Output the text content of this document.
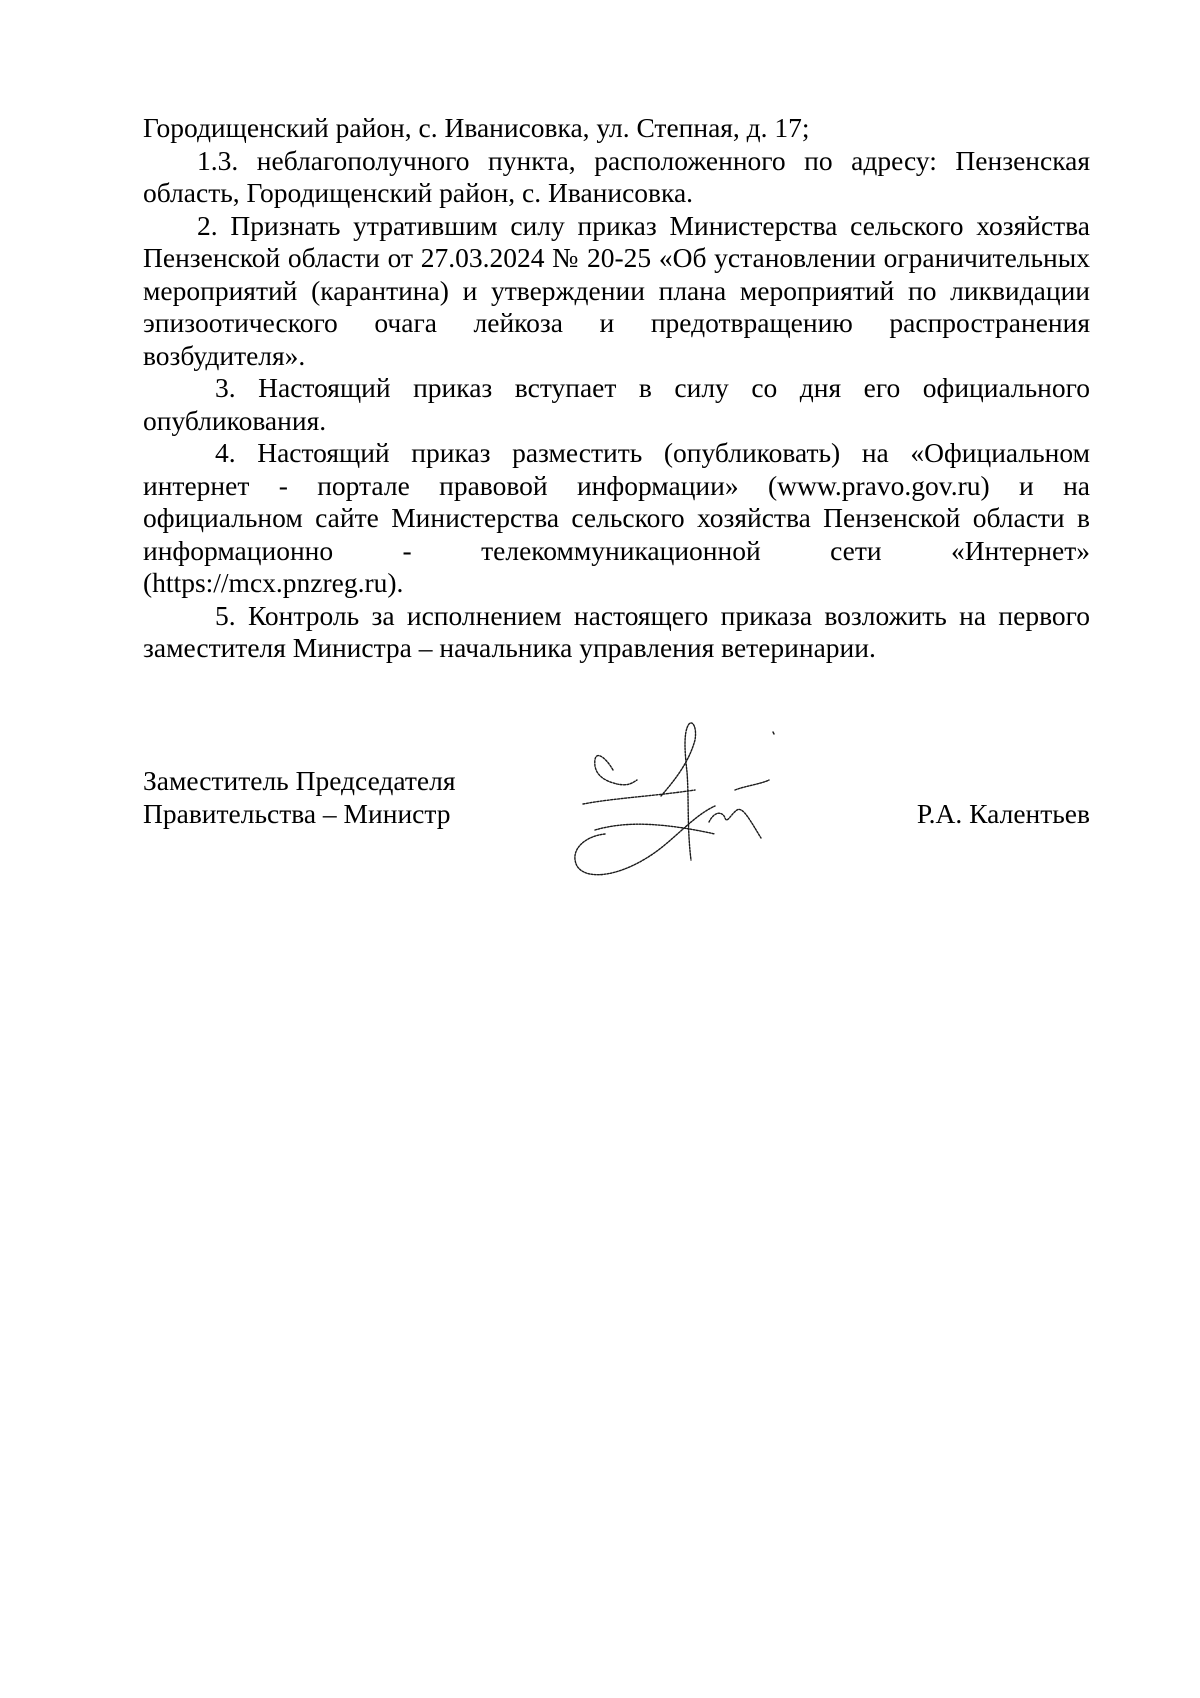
Городищенский район, с. Иванисовка, ул. Степная, д. 17;

1.3. неблагополучного пункта, расположенного по адресу: Пензенская область, Городищенский район, с. Иванисовка.

2. Признать утратившим силу приказ Министерства сельского хозяйства Пензенской области от 27.03.2024 № 20-25 «Об установлении ограничительных мероприятий (карантина) и утверждении плана мероприятий по ликвидации эпизоотического очага лейкоза и предотвращению распространения возбудителя».

3. Настоящий приказ вступает в силу со дня его официального опубликования.

4. Настоящий приказ разместить (опубликовать) на «Официальном интернет - портале правовой информации» (www.pravo.gov.ru) и на официальном сайте Министерства сельского хозяйства Пензенской области в информационно - телекоммуникационной сети «Интернет» (https://mcx.pnzreg.ru).

5. Контроль за исполнением настоящего приказа возложить на первого заместителя Министра – начальника управления ветеринарии.

Заместитель Председателя
Правительства – Министр	Р.А. Калентьев
